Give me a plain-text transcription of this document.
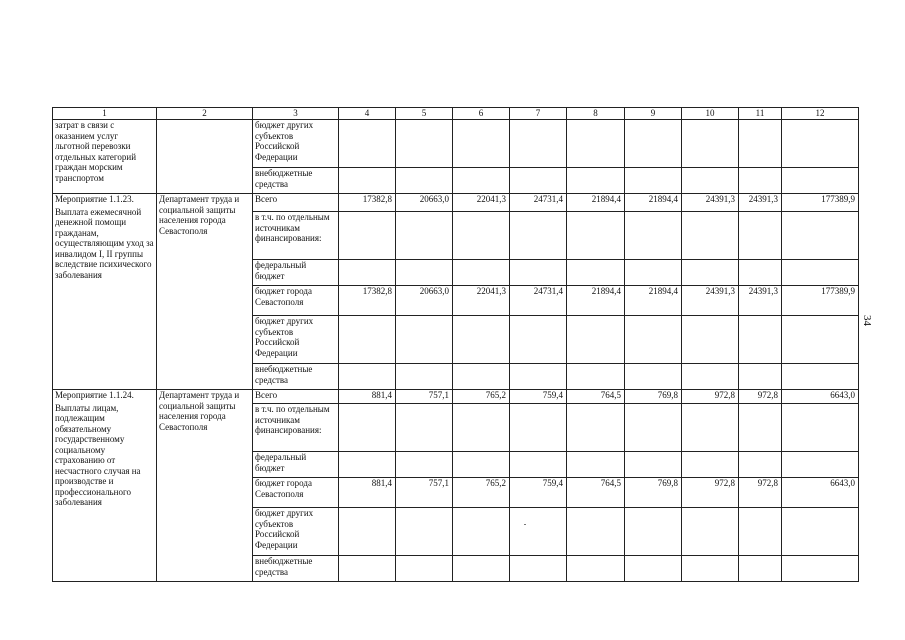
1	2	3	4	5	6	7	8	9	10	11	12

затрат в связи с оказанием услуг льготной перевозки отдельных категорий граждан морским транспортом		бюджет других субъектов Российской Федерации									
		внебюджетные средства									

Мероприятие 1.1.23.
Выплата ежемесячной денежной помощи гражданам, осуществляющим уход за инвалидом I, II группы вследствие психического заболевания	Департамент труда и социальной защиты населения города Севастополя	Всего	17382,8	20663,0	22041,3	24731,4	21894,4	21894,4	24391,3	24391,3	177389,9
		в т.ч. по отдельным источникам финансирования:									
		федеральный бюджет									
		бюджет города Севастополя	17382,8	20663,0	22041,3	24731,4	21894,4	21894,4	24391,3	24391,3	177389,9
		бюджет других субъектов Российской Федерации									
		внебюджетные средства									

Мероприятие 1.1.24.
Выплаты лицам, подлежащим обязательному государственному социальному страхованию от несчастного случая на производстве и профессионального заболевания	Департамент труда и социальной защиты населения города Севастополя	Всего	881,4	757,1	765,2	759,4	764,5	769,8	972,8	972,8	6643,0
		в т.ч. по отдельным источникам финансирования:									
		федеральный бюджет									
		бюджет города Севастополя	881,4	757,1	765,2	759,4	764,5	769,8	972,8	972,8	6643,0
		бюджет других субъектов Российской Федерации									
		внебюджетные средства									
34
